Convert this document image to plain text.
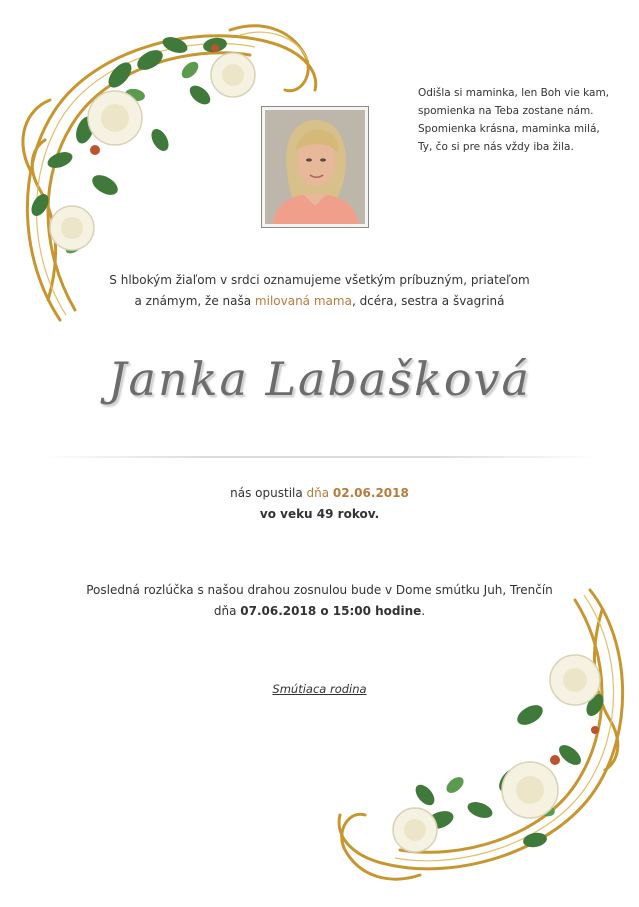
Odišla si maminka, len Boh vie kam,
spomienka na Teba zostane nám.
Spomienka krásna, maminka milá,
Ty, čo si pre nás vždy iba žila.
S hlbokým žiaľom v srdci oznamujeme všetkým príbuzným, priateľom
a známym, že naša milovaná mama, dcéra, sestra a švagriná
Janka Labašková
nás opustila dňa 02.06.2018
vo veku 49 rokov.
Posledná rozlúčka s našou drahou zosnulou bude v Dome smútku Juh, Trenčín
dňa 07.06.2018 o 15:00 hodine.
Smútiaca rodina
